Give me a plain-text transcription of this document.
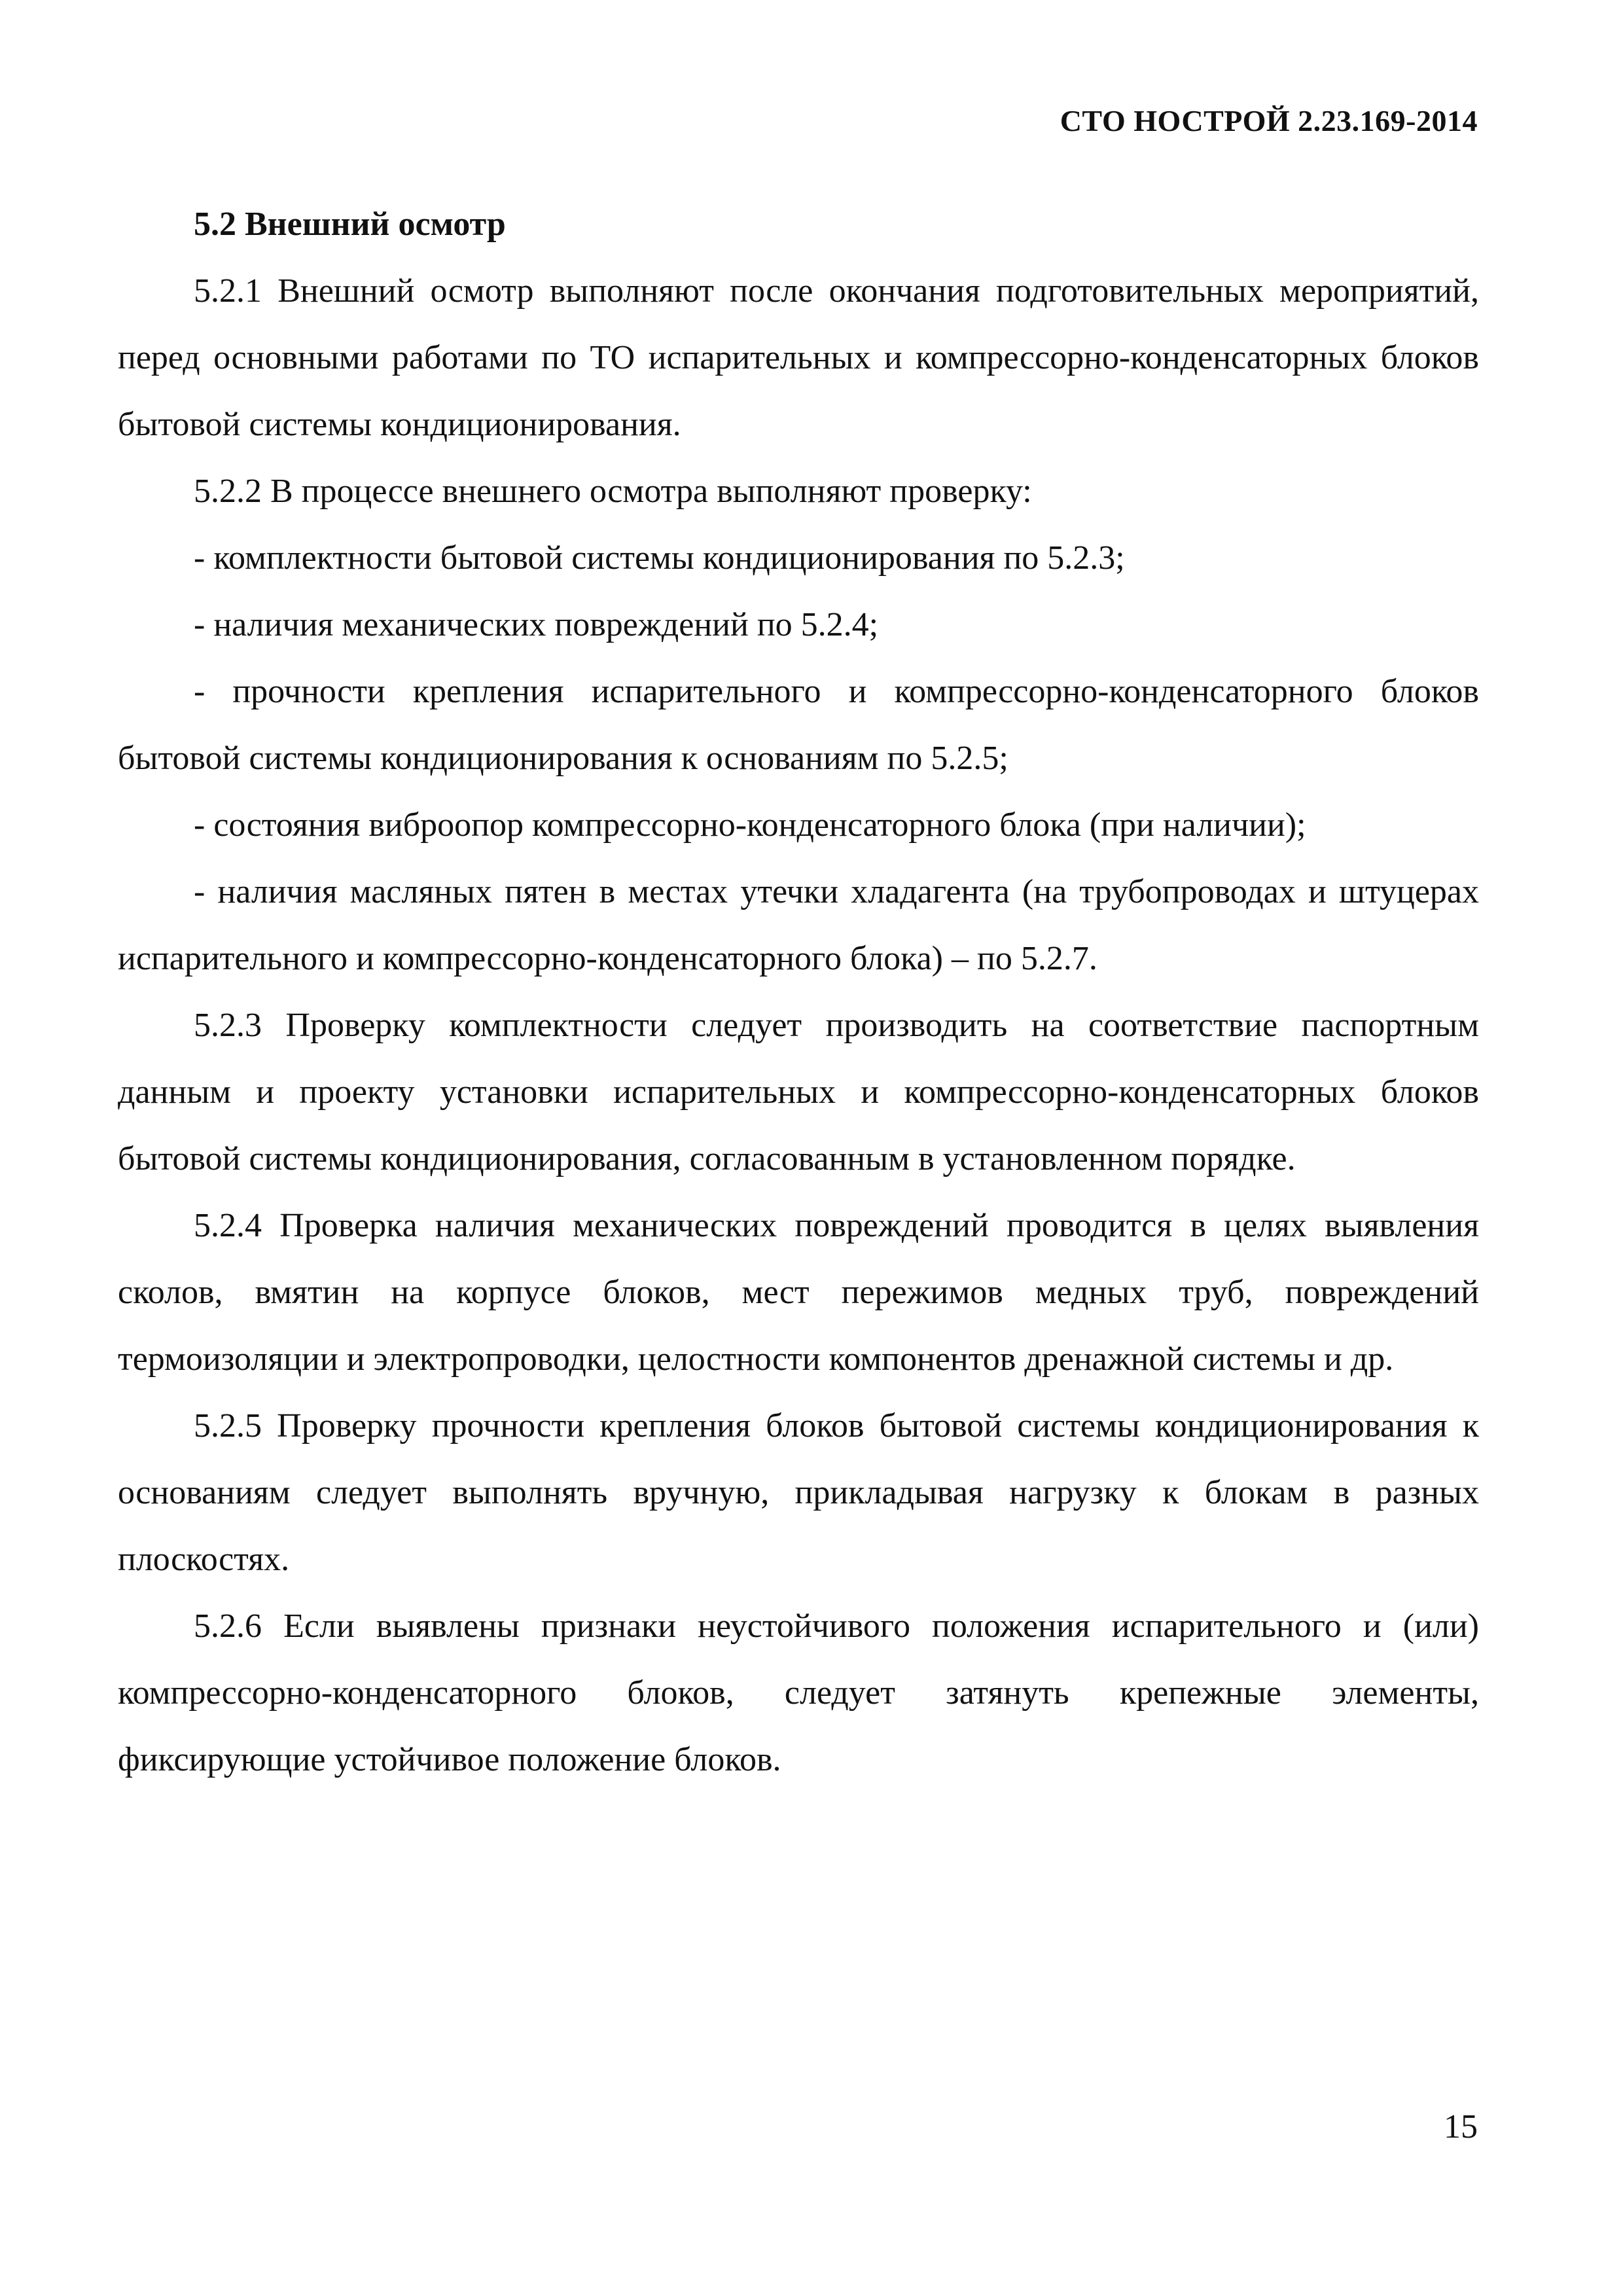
СТО НОСТРОЙ 2.23.169-2014

5.2 Внешний осмотр

5.2.1 Внешний осмотр выполняют после окончания подготовительных мероприятий, перед основными работами по ТО испарительных и компрессорно-конденсаторных блоков бытовой системы кондиционирования.

5.2.2 В процессе внешнего осмотра выполняют проверку:

- комплектности бытовой системы кондиционирования по 5.2.3;

- наличия механических повреждений по 5.2.4;

- прочности крепления испарительного и компрессорно-конденсаторного блоков бытовой системы кондиционирования к основаниям по 5.2.5;

- состояния виброопор компрессорно-конденсаторного блока (при наличии);

- наличия масляных пятен в местах утечки хладагента (на трубопроводах и штуцерах испарительного и компрессорно-конденсаторного блока) – по 5.2.7.

5.2.3 Проверку комплектности следует производить на соответствие паспортным данным и проекту установки испарительных и компрессорно-конденсаторных блоков бытовой системы кондиционирования, согласованным в установленном порядке.

5.2.4 Проверка наличия механических повреждений проводится в целях выявления сколов, вмятин на корпусе блоков, мест пережимов медных труб, повреждений термоизоляции и электропроводки, целостности компонентов дренажной системы и др.

5.2.5 Проверку прочности крепления блоков бытовой системы кондиционирования к основаниям следует выполнять вручную, прикладывая нагрузку к блокам в разных плоскостях.

5.2.6 Если выявлены признаки неустойчивого положения испарительного и (или) компрессорно-конденсаторного блоков, следует затянуть крепежные элементы, фиксирующие устойчивое положение блоков.

15
